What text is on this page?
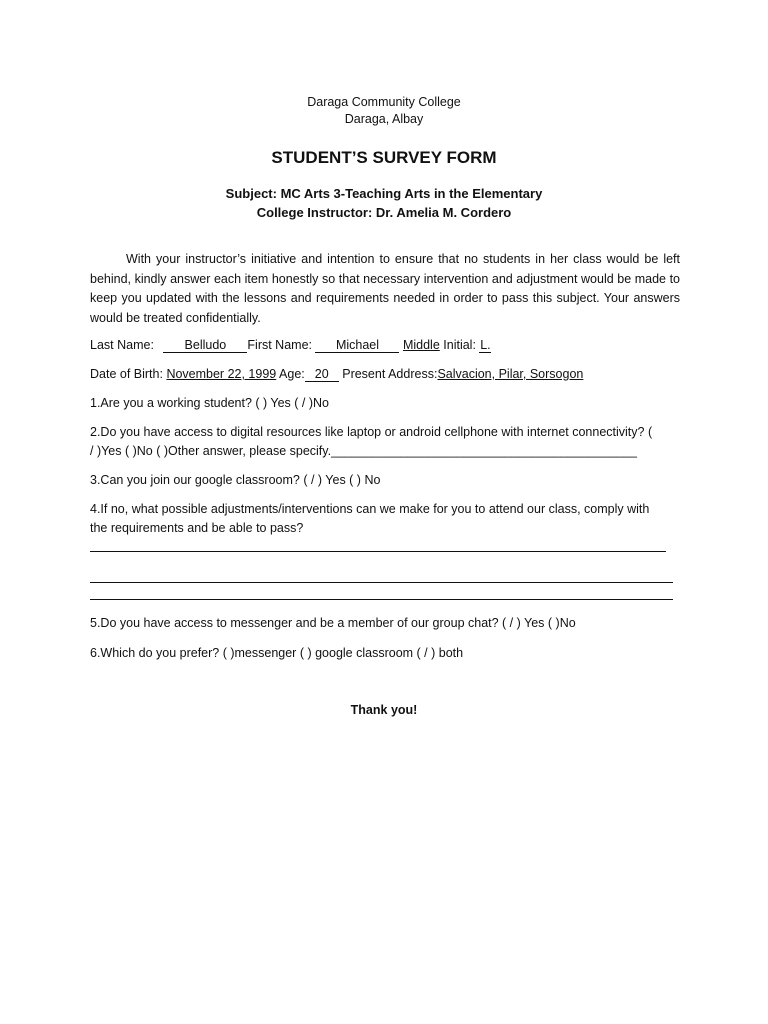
Daraga Community College
Daraga, Albay
STUDENT’S SURVEY FORM
Subject: MC Arts 3-Teaching Arts in the Elementary
College Instructor: Dr. Amelia M. Cordero
With your instructor’s initiative and intention to ensure that no students in her class would be left behind, kindly answer each item honestly so that necessary intervention and adjustment would be made to keep you updated with the lessons and requirements needed in order to pass this subject. Your answers would be treated confidentially.
Last Name: Belludo First Name: Michael Middle Initial: L.
Date of Birth: November 22, 1999 Age: 20 Present Address:Salvacion, Pilar, Sorsogon
1.Are you a working student? ( ) Yes ( / )No
2.Do you have access to digital resources like laptop or android cellphone with internet connectivity? (
/ )Yes ( )No ( )Other answer, please specify.____________________________________________
3.Can you join our google classroom? ( / ) Yes ( ) No
4.If no, what possible adjustments/interventions can we make for you to attend our class, comply with
the requirements and be able to pass?
5.Do you have access to messenger and be a member of our group chat? ( / ) Yes ( )No
6.Which do you prefer? ( )messenger ( ) google classroom ( / ) both
Thank you!
